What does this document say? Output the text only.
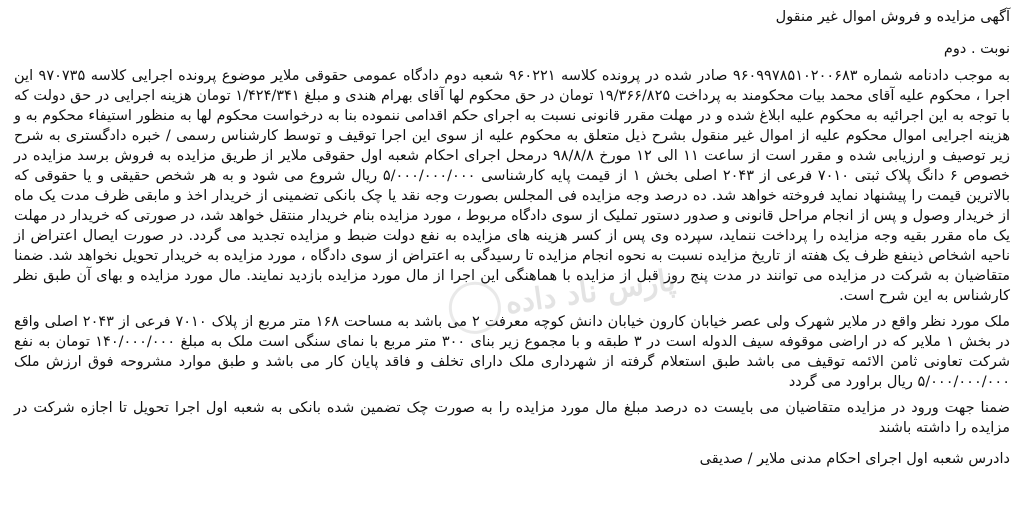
آگهی مزایده و فروش اموال غیر منقول

نوبت . دوم

به موجب دادنامه شماره ۹۶۰۹۹۷۸۵۱۰۲۰۰۶۸۳ صادر شده در پرونده کلاسه ۹۶۰۲۲۱ شعبه دوم دادگاه عمومی حقوقی ملایر موضوع پرونده اجرایی کلاسه ۹۷۰۷۳۵ این اجرا ، محکوم علیه آقای محمد بیات محکومند به پرداخت ۱۹/۳۶۶/۸۲۵ تومان در حق محکوم لها آقای بهرام هندی و مبلغ ۱/۴۲۴/۳۴۱ تومان هزینه اجرایی در حق دولت که با توجه به این اجرائیه به محکوم علیه ابلاغ شده و در مهلت مقرر قانونی نسبت به اجرای حکم اقدامی ننموده بنا به درخواست محکوم لها به منظور استیفاء محکوم به و هزینه اجرایی اموال محکوم علیه از اموال غیر منقول بشرح ذیل متعلق به محکوم علیه از سوی این اجرا توقیف و توسط کارشناس رسمی / خبره دادگستری به شرح زیر توصیف و ارزیابی شده و مقرر است از ساعت ۱۱ الی ۱۲ مورخ ۹۸/۸/۸ درمحل اجرای احکام شعبه اول حقوقی ملایر از طریق مزایده به فروش برسد مزایده در خصوص ۶ دانگ پلاک ثبتی ۷۰۱۰ فرعی از ۲۰۴۳ اصلی بخش ۱ از قیمت پایه کارشناسی ۵/۰۰۰/۰۰۰/۰۰۰ ریال شروع می شود و به هر شخص حقیقی و یا حقوقی که بالاترین قیمت را پیشنهاد نماید فروخته خواهد شد. ده درصد وجه مزایده فی المجلس بصورت وجه نقد یا چک بانکی تضمینی از خریدار اخذ و مابقی ظرف مدت یک ماه از خریدار وصول و پس از انجام مراحل قانونی و صدور دستور تملیک از سوی دادگاه مربوط ، مورد مزایده بنام خریدار منتقل خواهد شد، در صورتی که خریدار در مهلت یک ماه مقرر بقیه وجه مزایده را پرداخت ننماید، سپرده وی پس از کسر هزینه های مزایده به نفع دولت ضبط و مزایده تجدید می گردد. در صورت ایصال اعتراض از ناحیه اشخاص ذینفع ظرف یک هفته از تاریخ مزایده نسبت به نحوه انجام مزایده تا رسیدگی به اعتراض از سوی دادگاه ، مورد مزایده به خریدار تحویل نخواهد شد. ضمنا متقاضیان به شرکت در مزایده می توانند در مدت پنج روز قبل از مزایده با هماهنگی این اجرا از مال مورد مزایده بازدید نمایند. مال مورد مزایده و بهای آن طبق نظر کارشناس به این شرح است.

ملک مورد نظر واقع در ملایر شهرک ولی عصر خیابان کارون خیابان دانش کوچه معرفت ۲ می باشد به مساحت ۱۶۸ متر مربع از پلاک ۷۰۱۰ فرعی از ۲۰۴۳ اصلی واقع در بخش ۱ ملایر که در اراضی موقوفه سیف الدوله است در ۳ طبقه و با مجموع زیر بنای ۳۰۰ متر مربع با نمای سنگی است ملک به مبلغ ۱۴۰/۰۰۰/۰۰۰ تومان به نفع شرکت تعاونی ثامن الائمه توقیف می باشد طبق استعلام گرفته از شهرداری ملک دارای تخلف و فاقد پایان کار می باشد و طبق موارد مشروحه فوق ارزش ملک ۵/۰۰۰/۰۰۰/۰۰۰ ریال براورد می گردد

ضمنا جهت ورود در مزایده متقاضیان می بایست ده درصد مبلغ مال مورد مزایده را به صورت چک تضمین شده بانکی به شعبه اول اجرا تحویل تا اجازه شرکت در مزایده را داشته باشند

دادرس شعبه اول اجرای احکام مدنی ملایر / صدیقی

پارس ناد داده
